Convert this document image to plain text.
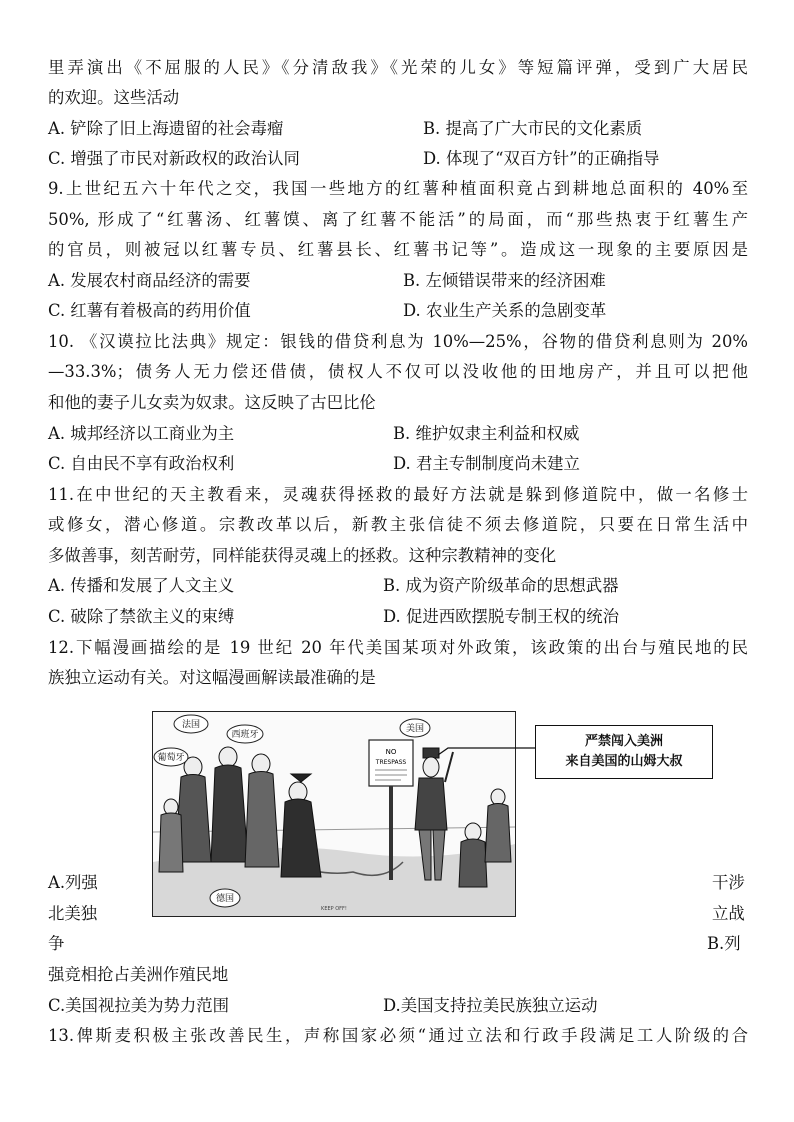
里弄演出《不屈服的人民》《分清敌我》《光荣的儿女》等短篇评弹，受到广大居民
的欢迎。这些活动
A. 铲除了旧上海遗留的社会毒瘤	B. 提高了广大市民的文化素质
C. 增强了市民对新政权的政治认同	D. 体现了“双百方针”的正确指导
9.上世纪五六十年代之交，我国一些地方的红薯种植面积竟占到耕地总面积的 40%至
50%, 形成了“红薯汤、红薯馍、离了红薯不能活”的局面，而“那些热衷于红薯生产
的官员，则被冠以红薯专员、红薯县长、红薯书记等”。造成这一现象的主要原因是
A. 发展农村商品经济的需要	B. 左倾错误带来的经济困难
C. 红薯有着极高的药用价值	D. 农业生产关系的急剧变革
10. 《汉谟拉比法典》规定：银钱的借贷利息为 10%—25%，谷物的借贷利息则为 20%
—33.3%；债务人无力偿还借债，债权人不仅可以没收他的田地房产，并且可以把他
和他的妻子儿女卖为奴隶。这反映了古巴比伦
A. 城邦经济以工商业为主	B. 维护奴隶主利益和权威
C. 自由民不享有政治权利	D. 君主专制制度尚未建立
11.在中世纪的天主教看来，灵魂获得拯救的最好方法就是躲到修道院中，做一名修士
或修女，潜心修道。宗教改革以后，新教主张信徒不须去修道院，只要在日常生活中
多做善事，刻苦耐劳，同样能获得灵魂上的拯救。这种宗教精神的变化
A. 传播和发展了人文主义	B. 成为资产阶级革命的思想武器
C. 破除了禁欲主义的束缚	D. 促进西欧摆脱专制王权的统治
12.下幅漫画描绘的是 19 世纪 20 年代美国某项对外政策，该政策的出台与殖民地的民
族独立运动有关。对这幅漫画解读最准确的是
法国
西班牙
葡萄牙
美国
德国
NO
TRESPASS
KEEP OFF!
严禁闯入美洲
来自美国的山姆大叔
A.列强	干涉
北美独	立战
争	B.列
强竞相抢占美洲作殖民地
C.美国视拉美为势力范围	D.美国支持拉美民族独立运动
13.俾斯麦积极主张改善民生，声称国家必须“通过立法和行政手段满足工人阶级的合
